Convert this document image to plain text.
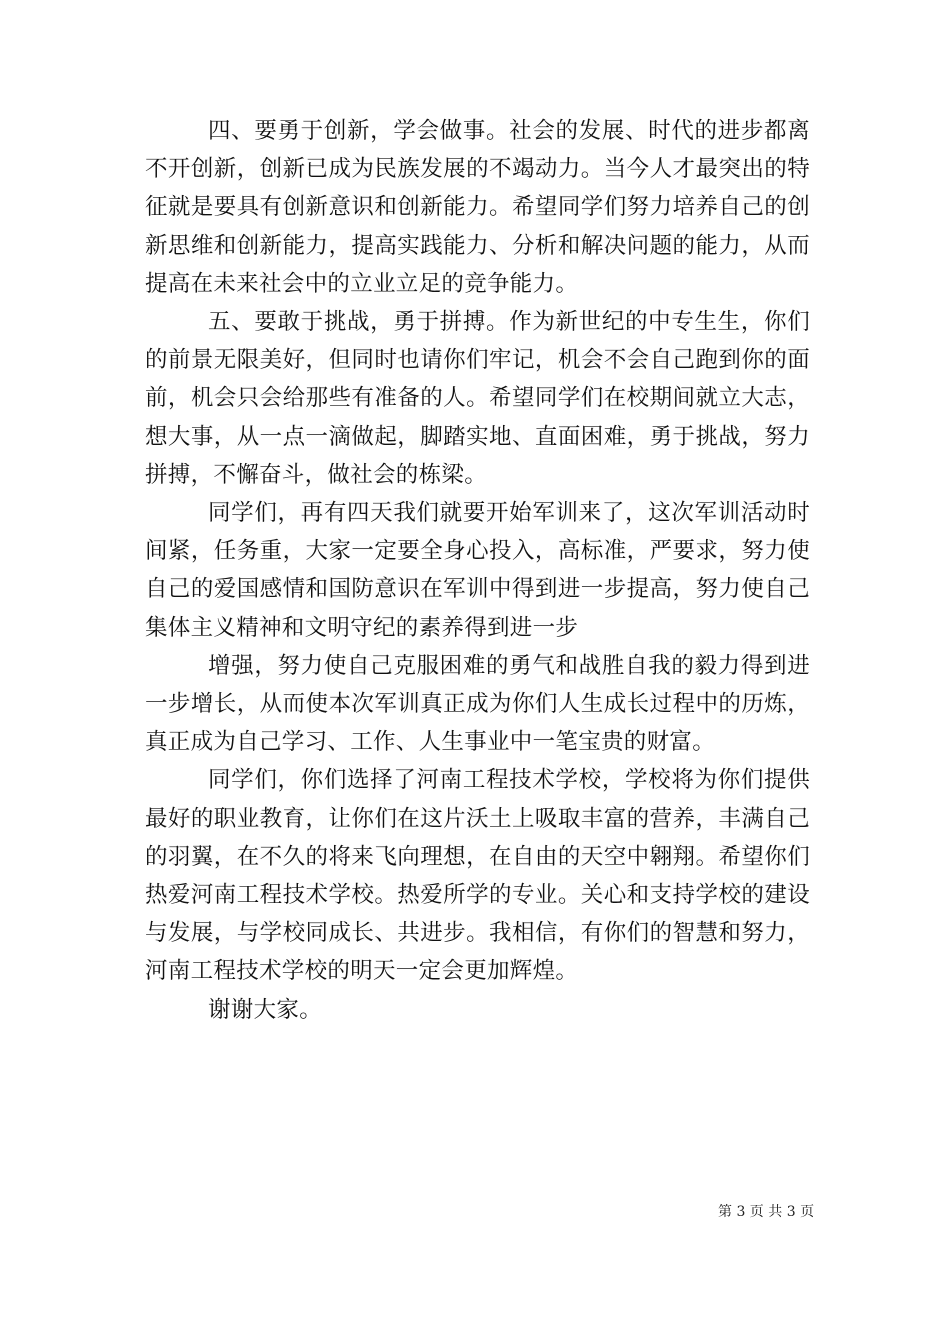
四、要勇于创新，学会做事。社会的发展、时代的进步都离不开创新，创新已成为民族发展的不竭动力。当今人才最突出的特征就是要具有创新意识和创新能力。希望同学们努力培养自己的创新思维和创新能力，提高实践能力、分析和解决问题的能力，从而提高在未来社会中的立业立足的竞争能力。

五、要敢于挑战，勇于拼搏。作为新世纪的中专生生，你们的前景无限美好，但同时也请你们牢记，机会不会自己跑到你的面前，机会只会给那些有准备的人。希望同学们在校期间就立大志，想大事，从一点一滴做起，脚踏实地、直面困难，勇于挑战，努力拼搏，不懈奋斗，做社会的栋梁。

同学们，再有四天我们就要开始军训来了，这次军训活动时间紧，任务重，大家一定要全身心投入，高标准，严要求，努力使自己的爱国感情和国防意识在军训中得到进一步提高，努力使自己集体主义精神和文明守纪的素养得到进一步

增强，努力使自己克服困难的勇气和战胜自我的毅力得到进一步增长，从而使本次军训真正成为你们人生成长过程中的历炼，真正成为自己学习、工作、人生事业中一笔宝贵的财富。

同学们，你们选择了河南工程技术学校，学校将为你们提供最好的职业教育，让你们在这片沃土上吸取丰富的营养，丰满自己的羽翼，在不久的将来飞向理想，在自由的天空中翱翔。希望你们热爱河南工程技术学校。热爱所学的专业。关心和支持学校的建设与发展，与学校同成长、共进步。我相信，有你们的智慧和努力，河南工程技术学校的明天一定会更加辉煌。

谢谢大家。

第 3 页 共 3 页
